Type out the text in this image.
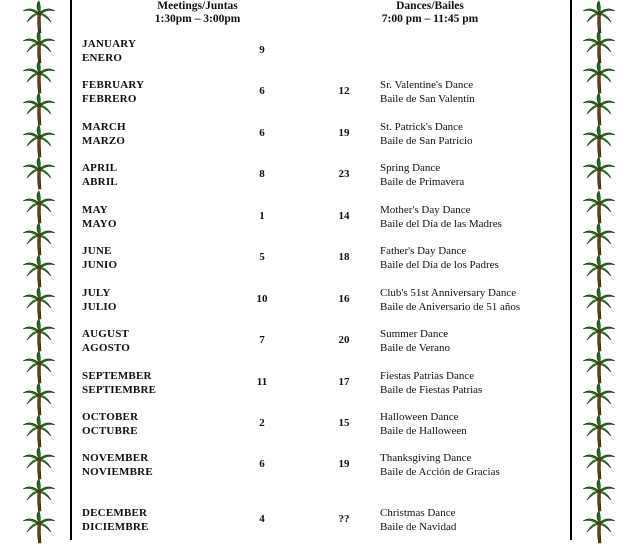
Meetings/Juntas
1:30pm – 3:00pm
Dances/Bailes
7:00 pm – 11:45 pm
JANUARY
ENERO
9
FEBRUARY
FEBRERO
6	12	Sr. Valentine's Dance
Baile de San Valentín
MARCH
MARZO
6	19	St. Patrick's Dance
Baile de San Patricio
APRIL
ABRIL
8	23	Spring Dance
Baile de Primavera
MAY
MAYO
1	14	Mother's Day Dance
Baile del Día de las Madres
JUNE
JUNIO
5	18	Father's Day Dance
Baile del Día de los Padres
JULY
JULIO
10	16	Club's 51st Anniversary Dance
Baile de Aniversario de 51 años
AUGUST
AGOSTO
7	20	Summer Dance
Baile de Verano
SEPTEMBER
SEPTIEMBRE
11	17	Fiestas Patrias Dance
Baile de Fiestas Patrias
OCTOBER
OCTUBRE
2	15	Halloween Dance
Baile de Halloween
NOVEMBER
NOVIEMBRE
6	19	Thanksgiving Dance
Baile de Acción de Gracias
DECEMBER
DICIEMBRE
4	??	Christmas Dance
Baile de Navidad
